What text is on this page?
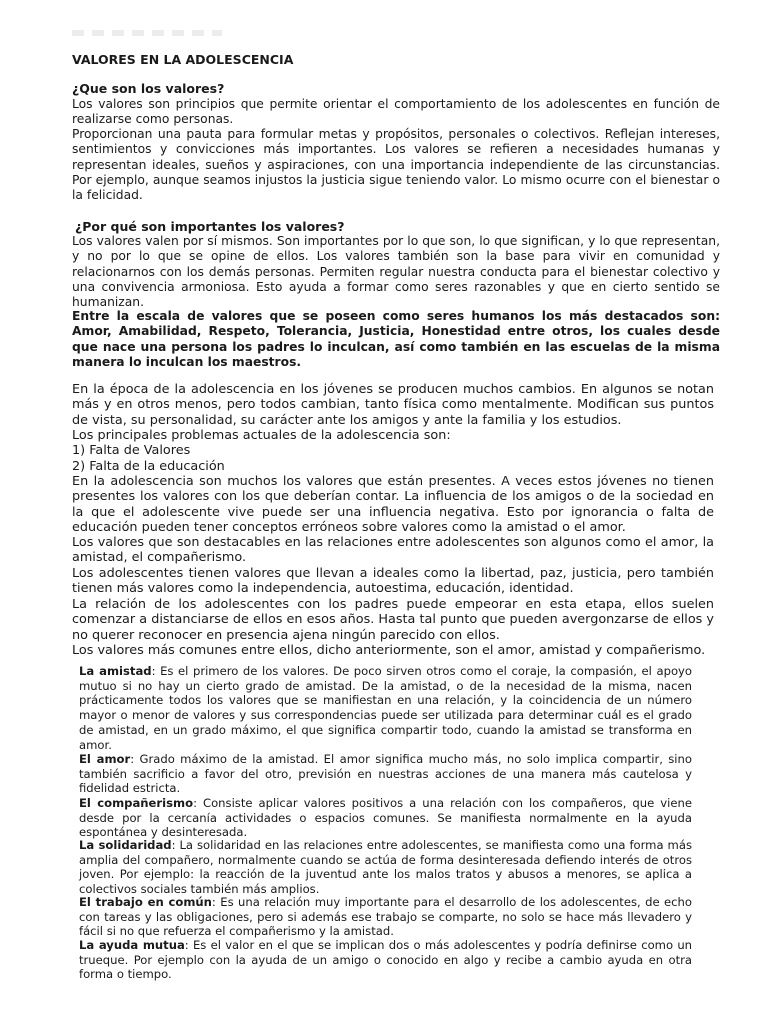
VALORES EN LA ADOLESCENCIA
¿Que son los valores?

Los valores son principios que permite orientar el comportamiento de los adolescentes en función de realizarse como personas.

Proporcionan una pauta para formular metas y propósitos, personales o colectivos. Reflejan intereses, sentimientos y convicciones más importantes. Los valores se refieren a necesidades humanas y representan ideales, sueños y aspiraciones, con una importancia independiente de las circunstancias. Por ejemplo, aunque seamos injustos la justicia sigue teniendo valor. Lo mismo ocurre con el bienestar o la felicidad.

¿Por qué son importantes los valores?

Los valores valen por sí mismos. Son importantes por lo que son, lo que significan, y lo que representan, y no por lo que se opine de ellos. Los valores también son la base para vivir en comunidad y relacionarnos con los demás personas. Permiten regular nuestra conducta para el bienestar colectivo y una convivencia armoniosa. Esto ayuda a formar como seres razonables y que en cierto sentido se humanizan.

Entre la escala de valores que se poseen como seres humanos los más destacados son: Amor, Amabilidad, Respeto, Tolerancia, Justicia, Honestidad entre otros, los cuales desde que nace una persona los padres lo inculcan, así como también en las escuelas de la misma manera lo inculcan los maestros.

En la época de la adolescencia en los jóvenes se producen muchos cambios. En algunos se notan más y en otros menos, pero todos cambian, tanto física como mentalmente. Modifican sus puntos de vista, su personalidad, su carácter ante los amigos y ante la familia y los estudios.

Los principales problemas actuales de la adolescencia son:

1) Falta de Valores

2) Falta de la educación

En la adolescencia son muchos los valores que están presentes. A veces estos jóvenes no tienen presentes los valores con los que deberían contar. La influencia de los amigos o de la sociedad en la que el adolescente vive puede ser una influencia negativa. Esto por ignorancia o falta de educación pueden tener conceptos erróneos sobre valores como la amistad o el amor.

Los valores que son destacables en las relaciones entre adolescentes son algunos como el amor, la amistad, el compañerismo.

Los adolescentes tienen valores que llevan a ideales como la libertad, paz, justicia, pero también tienen más valores como la independencia, autoestima, educación, identidad.

La relación de los adolescentes con los padres puede empeorar en esta etapa, ellos suelen comenzar a distanciarse de ellos en esos años. Hasta tal punto que pueden avergonzarse de ellos y no querer reconocer en presencia ajena ningún parecido con ellos.

Los valores más comunes entre ellos, dicho anteriormente, son el amor, amistad y compañerismo.

La amistad: Es el primero de los valores. De poco sirven otros como el coraje, la compasión, el apoyo mutuo si no hay un cierto grado de amistad. De la amistad, o de la necesidad de la misma, nacen prácticamente todos los valores que se manifiestan en una relación, y la coincidencia de un número mayor o menor de valores y sus correspondencias puede ser utilizada para determinar cuál es el grado de amistad, en un grado máximo, el que significa compartir todo, cuando la amistad se transforma en amor.

El amor: Grado máximo de la amistad. El amor significa mucho más, no solo implica compartir, sino también sacrificio a favor del otro, previsión en nuestras acciones de una manera más cautelosa y fidelidad estricta.

El compañerismo: Consiste aplicar valores positivos a una relación con los compañeros, que viene desde por la cercanía actividades o espacios comunes. Se manifiesta normalmente en la ayuda espontánea y desinteresada.

La solidaridad: La solidaridad en las relaciones entre adolescentes, se manifiesta como una forma más amplia del compañero, normalmente cuando se actúa de forma desinteresada defiendo interés de otros joven. Por ejemplo: la reacción de la juventud ante los malos tratos y abusos a menores, se aplica a colectivos sociales también más amplios.

El trabajo en común: Es una relación muy importante para el desarrollo de los adolescentes, de echo con tareas y las obligaciones, pero si además ese trabajo se comparte, no solo se hace más llevadero y fácil si no que refuerza el compañerismo y la amistad.

La ayuda mutua: Es el valor en el que se implican dos o más adolescentes y podría definirse como un trueque. Por ejemplo con la ayuda de un amigo o conocido en algo y recibe a cambio ayuda en otra forma o tiempo.
